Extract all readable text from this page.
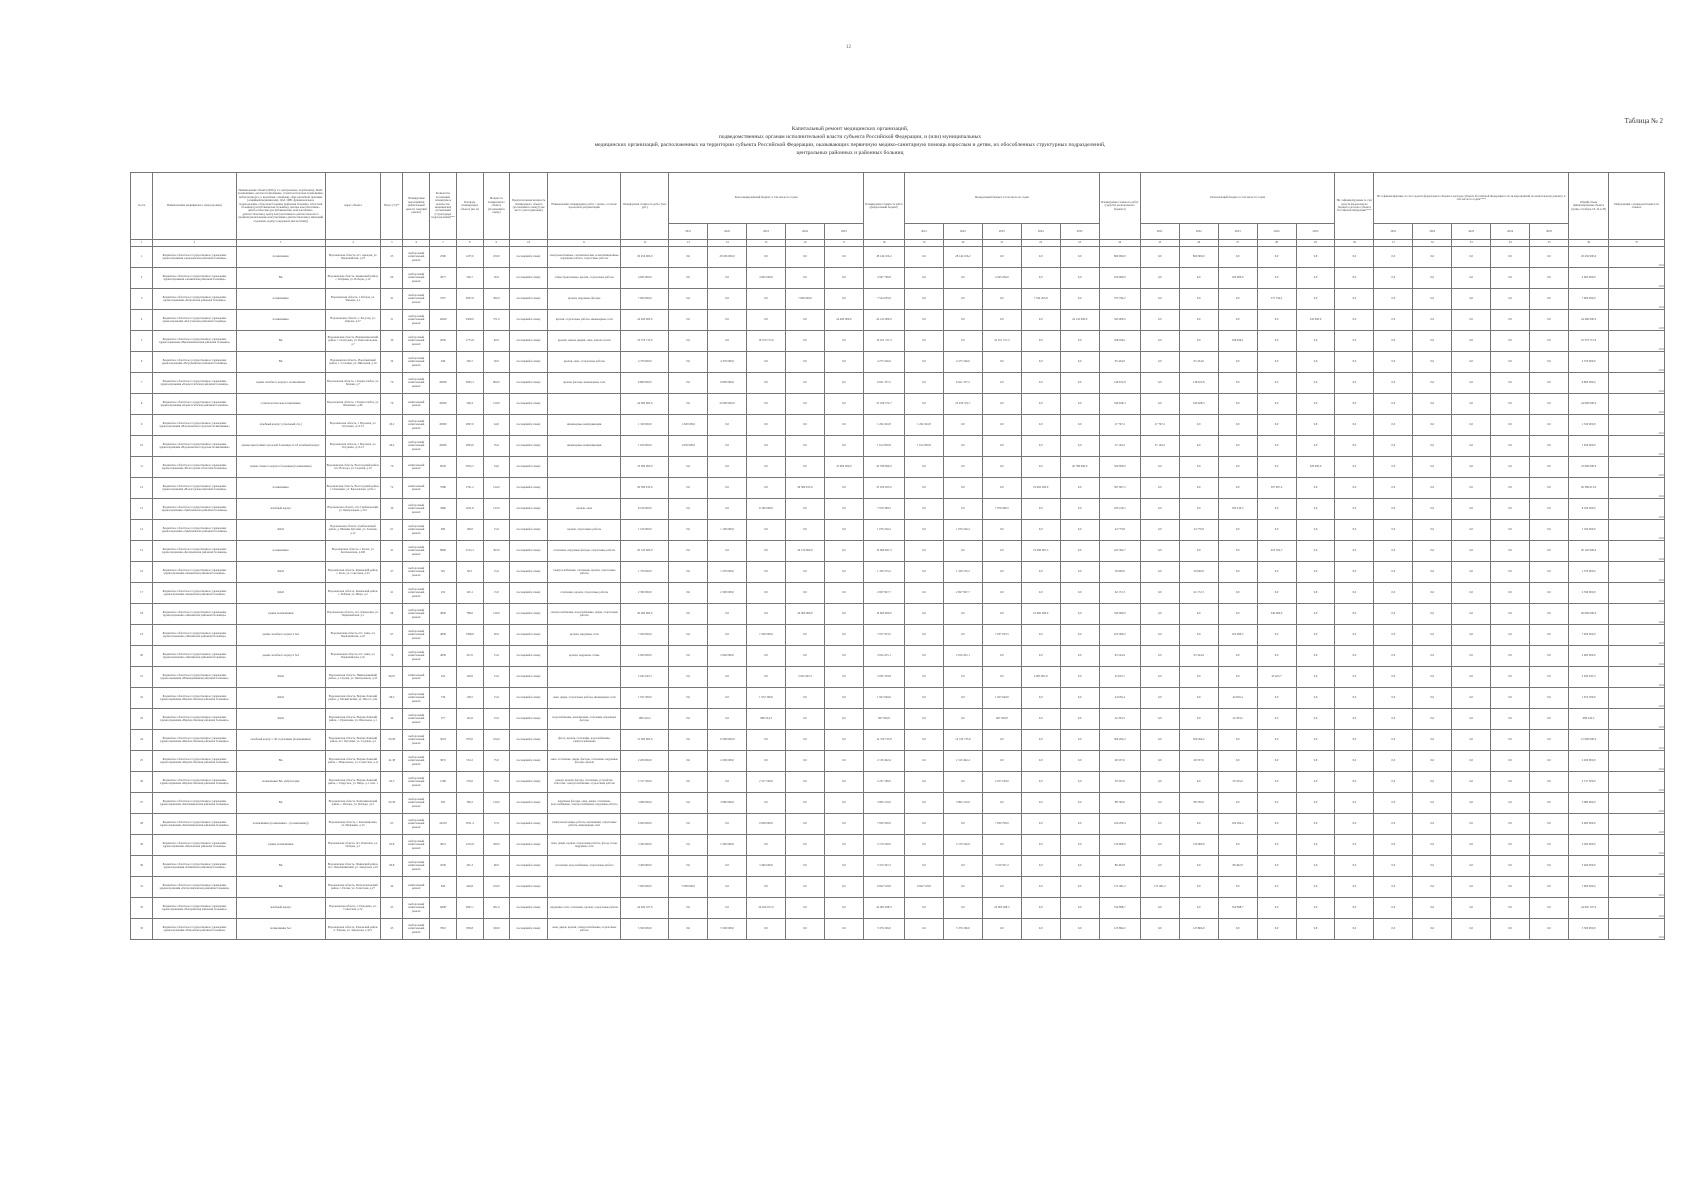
12
Таблица № 2
Капитальный ремонт медицинских организаций,
подведомственных органам исполнительной власти субъекта Российской Федерации, и (или) муниципальных
медицинских организаций, расположенных на территории субъекта Российской Федерации, оказывающих первичную медико-санитарную помощь взрослым и детям, их обособленных структурных подразделений,
центральных районных и районных больниц
№ п/п	Наименование медицинского лица (юрлица)	Наименование объекта (ФП (в т.ч. центральные, подобъекты), ФАП, поликлиника, детская поликлиника, стоматологическая поликлиника, амбулатория (в т.ч. врачебная, семейная), офис врачебной практики (семейный/медицинская), ЦАЗ, ЦРБ, функциональное подразделение, областная больница (районная больница, областная больница (республиканская больница), центры консультативно-диагностические (республиканские, консультативно-диагностические), центр консультативного-диагностического профиля (включающие консультативно-диагностические), имеющий отделение, корпус (окружной диагностики))	Адрес объекта	Износ (%)**	Планируемые мероприятия (капитальный ремонт, текущий ремонт)	Количество посещений, планируемое количество медицинских организаций (структурных подразделений)***	Площадь планируемых объекта (кв. м)	Мощность планируемого объекта (посещений в смену)	Предполагаемая мощность планируемого объекта (посещений в смену) (чьё место для подписание)	Наименование планируемых работ с целью, согласно проектной документации	Планируемая стоимость работ (тыс. руб.)	Консолидированный бюджет, в том числе по годам					Планируемая стоимость работ (федеральный бюджет)	Федеральный бюджет, в том числе по годам					Планируемая стоимость работ (средства регионального бюджета)	Региональный бюджет, в том числе по годам					Не софинансируемые за счет средств федерального бюджета расходы субъекта Российской Федерации****	Не софинансируемые за счет средств федерального бюджета расходы субъекта Российской Федерации в части мероприятий по капитальному ремонту, в том числе по годам****					Общий объем финансирования объекта (сумма столбцов 18, 24 и 30)	Информация о подведомственности объекта
												2021	2022	2023	2024	2025		2021	2022	2023	2024	2025		2021	2022	2023	2024	2025		2021	2022	2023	2024	2025		
1	2	3	4	5	6	7	8	9	10	11	12	13	14	15	16	17	18	19	20	21	22	23	24	25	26	27	28	29	30	31	32	33	34	35	36	37
1	Бюджетное областное государственное учреждение здравоохранения «Аркадакская районная больница»	поликлиника	Воронежская область, пгт. Аркадак, ул. Первомайская, д.25	25	выборочный капитальный ремонт	2500	1237,6	250,0	посещений в смену	электромонтажные, сантехнические, и вентиляционные, наружные работы, отделочные работы	29 456 000,0	0,0	28 456 000,0	0,0	0,0	0,0	28 144 106,2	0,0	28 144 106,2	0,0	0,0	0,0	860 000,0	0,0	860 000,0	0,0	0,0	0,0	0,0	0,0	0,0	0,0	0,0	0,0	29 456 000,0	2022

2	Бюджетное областное государственное учреждение здравоохранения «Аннинская районная больница»	ВА	Воронежская область, Аннинский район, с. Бобряки, ул. Победы, д.12	60	выборочный капитальный ремонт	3077	526,7	30,0	посещений в смену	общестроительные, кровля, отделочные работы	4 665 000,0	0,0	0,0	4 665 000,0	0,0	0,0	4 567 796,8	0,0	0,0	4 565 290,0	0,0	0,0	100 000,0	0,0	0,0	100 000,0	0,0	0,0	0,0	0,0	0,0	0,0	0,0	0,0	4 665 000,0	2023

3	Бюджетное областное государственное учреждение здравоохранения «Бобровская районная больница»	поликлиника	Воронежская область, г. Бобров, ул. Чапаева, д.1	41	выборочный капитальный ремонт	5357	3947,8	302,0	посещений в смену	кровля, наружные фасады	7 900 000,0	0,0	0,0	0,0	7 900 000,0	0,0	7 524 205,8	0,0	0,0	0,0	7 524 205,8	0,0	375 794,2	0,0	0,0	0,0	375 794,2	0,0	0,0	0,0	0,0	0,0	0,0	0,0	7 900 000,0	2024

4	Бюджетное областное государственное учреждение здравоохранения «Богучарская районная больница»	поликлиника	Воронежская область, г. Богучар, ул. Кирова, д.27	31	выборочный капитальный ремонт	14620	2309,0	371,0	посещений в смену	кровля, отделочные работы, инженерные сети	24 490 000,0	0,0	0,0	0,0	0,0	24 490 000,0	24 145 000,0	0,0	0,0	0,0	0,0	24 145 000,0	345 000,0	0,0	0,0	0,0	0,0	345 000,0	0,0	0,0	0,0	0,0	0,0	0,0	24 490 000,0	2025

5	Бюджетное областное государственное учреждение здравоохранения «Верхнемамонская районная больница»	ВА	Воронежская область, Верхнемамонский район, с. Осетровка, ул. Комсомольская, д.7	30	выборочный капитальный ремонт	2030	1775,8	62,0	посещений в смену	кровля, замена дверей, окна, ремонт полов	16 579 715,0	0,0	0,0	16 579 715,0	0,0	0,0	16 251 727,3	0,0	0,0	16 251 727,3	0,0	0,0	328 926,1	0,0	0,0	328 926,1	0,0	0,0	0,0	0,0	0,0	0,0	0,0	0,0	16 579 715,0	2023

6	Бюджетное областное государственное учреждение здравоохранения «Воробьёвская районная больница»	ВА	Воронежская область, Воробьёвский район, с. Солонцы, ул. Школьная, д.10	34	выборочный капитальный ремонт	946	326,7	30,0	посещений в смену	кровля, окна, отделочные работы	4 370 000,0	0,0	4 370 000,0	0,0	0,0	0,0	4 275 546,0	0,0	4 275 546,0	0,0	0,0	0,0	95 454,0	0,0	95 454,0	0,0	0,0	0,0	0,0	0,0	0,0	0,0	0,0	0,0	4 370 000,0	2022

7	Бюджетное областное государственное учреждение здравоохранения «Борисоглебская районная больница»	здание лечебного корпуса, поликлиника	Воронежская область, г. Борисоглебск, ул. Бланки, д.7	70	выборочный капитальный ремонт	20000	3065,3	600,0	посещений в смену	кровля, фасады, инженерные сети	6 800 000,0	0,0	6 800 000,0	0,0	0,0	0,0	6 621 357,2	0,0	6 621 357,2	0,0	0,0	0,0	148 672,8	0,0	148 672,8	0,0	0,0	0,0	0,0	0,0	0,0	0,0	0,0	0,0	6 800 000,0	2022

8	Бюджетное областное государственное учреждение здравоохранения «Борисоглебская районная больница»	стоматологическая поликлиника	Воронежская область, г. Борисоглебск, ул. Шевченко, д.46	70	капитальный ремонт	20000	590,4	120,0	посещений в смену		24 000 000,0	0,0	24 000 000,0	0,0	0,0	0,0	23 459 372,7	0,0	23 459 372,7	0,0	0,0	0,0	540 628,3	0,0	540 628,3	0,0	0,0	0,0	0,0	0,0	0,0	0,0	0,0	0,0	24 000 000,0	2022

9	Бюджетное областное государственное учреждение здравоохранения «Воронежская городская поликлиника»	лечебный корпус (отдельный стр.)	Воронежская область, г. Воронеж, ул. Остужева, д.12-15	29,2	выборочный капитальный ремонт	20000	2097,0	44,0	посещений в смену	инженерные коммуникации	1 320 000,0	1 320 000,0	0,0	0,0	0,0	0,0	1 292 202,8	1 292 202,8	0,0	0,0	0,0	0,0	27 797,2	27 797,2	0,0	0,0	0,0	0,0	0,0	0,0	0,0	0,0	0,0	0,0	1 320 000,0	2021

10	Бюджетное областное государственное учреждение здравоохранения «Воронежская городская поликлиника»	здание пристройки городской больницы № 18 лечебный корпус	Воронежская область, г. Воронеж, ул. Остужева, д.13-15	29,2	выборочный капитальный ремонт	20000	2993,6	35,0	посещений в смену	инженерные коммуникации	1 650 000,0	1 650 000,0	0,0	0,0	0,0	0,0	1 612 850,8	1 612 850,8	0,0	0,0	0,0	0,0	37 149,2	37 149,2	0,0	0,0	0,0	0,0	0,0	0,0	0,0	0,0	0,0	0,0	1 650 000,0	2021

11	Бюджетное областное государственное учреждение здравоохранения «Вологодская областная больница»	здание главного корпуса больницы (поликлиника)	Воронежская область, Вологодский район, пгт. Вологда, ул. Садовая, д.10	70	капитальный ремонт	8256	5052,5	54,0	посещений в смену		23 000 000,0	0,0	0,0	0,0	0,0	23 000 000,0	20 786 000,0	0,0	0,0	0,0	0,0	20 786 000,0	320 000,0	0,0	0,0	0,0	0,0	320 000,0	0,0	0,0	0,0	0,0	0,0	0,0	23 000 000,0	2025

12	Бюджетное областное государственное учреждение здравоохранения «Вологодская районная больница»	поликлиника	Воронежская область, Вологодский район, г. Ольшанка, ул. Березовская, д.19а-1	72	капитальный ремонт	5580	1761,2	124,0	посещений в смену		26 389 613,0	0,0	0,0	0,0	26 389 613,0	0,0	25 950 203,9	0,0	0,0	0,0	25 962 283,0	0,0	397 907,2	0,0	0,0	0,0	397 907,2	0,0	0,0	0,0	0,0	0,0	0,0	0,0	26 389 613,0	2024

13	Бюджетное областное государственное учреждение здравоохранения «Грибановская районная больница»	лечебный корпус	Воронежская область, пгт. Грибановский, ул. Центральная, д.101	30	выборочный капитальный ремонт	5960	1181,8	125,0	посещений в смену	кровля, окна	8 160 000,0	0,0	0,0	8 160 000,0	0,0	0,0	7 976 589,5	0,0	0,0	7 976 589,5	0,0	0,0	183 410,5	0,0	0,0	183 410,5	0,0	0,0	0,0	0,0	0,0	0,0	0,0	0,0	8 160 000,0	2023

14	Бюджетное областное государственное учреждение здравоохранения «Грибановская районная больница»	ФАП	Воронежская область, Грибановский район, д. Нижние Кугалки, ул. Зеленая, д.12	61	выборочный капитальный ремонт	600	109,6	15,0	посещений в смену	кровля, отделочные работы	1 100 000,0	0,0	1 100 000,0	0,0	0,0	0,0	1 076 220,2	0,0	1 076 220,2	0,0	0,0	0,0	24 779,8	0,0	24 779,8	0,0	0,0	0,0	0,0	0,0	0,0	0,0	0,0	0,0	1 100 000,0	2022

15	Бюджетное областное государственное учреждение здравоохранения «Калачеевская районная больница»	поликлиника	Воронежская область, г. Калач, ул. Калачеевская, д.206	41	выборочный капитальный ремонт	8066	2315,3	303,0	посещений в смену	отопление, наружные фасады, отделочные работы	20 120 000,0	0,0	0,0	0,0	20 120 000,0	0,0	19 696 697,3	0,0	0,0	0,0	19 696 697,3	0,0	423 302,7	0,0	0,0	0,0	423 302,7	0,0	0,0	0,0	0,0	0,0	0,0	0,0	20 120 000,0	2024

16	Бюджетное областное государственное учреждение здравоохранения «Каменская районная больница»	ФАП	Воронежская область, Каменский район, с. Коль, ул. Советская, д.33	47	выборочный капитальный ремонт	301	60,3	15,0	посещений в смену	электроснабжение, отопление, кровля, отделочные работы	1 370 000,0	0,0	1 370 000,0	0,0	0,0	0,0	1 339 135,2	0,0	1 339 135,2	0,0	0,0	0,0	30 600,0	0,0	30 600,0	0,0	0,0	0,0	0,0	0,0	0,0	0,0	0,0	0,0	1 370 000,0	2022

17	Бюджетное областное государственное учреждение здравоохранения «Каменская районная больница»	ФАП	Воронежская область, Каменский район, с. Рыбная, ул. Мира, д.2	41	выборочный капитальный ремонт	232	145,1	15,0	посещений в смену	отопление, кровля, отделочные работы	2 390 000,0	0,0	2 390 000,0	0,0	0,0	0,0	2 697 827,7	0,0	2 697 827,7	0,0	0,0	0,0	62 172,3	0,0	62 172,3	0,0	0,0	0,0	0,0	0,0	0,0	0,0	0,0	0,0	2 390 000,0	2022

18	Бюджетное областное государственное учреждение здравоохранения «Лискинская районная больница»	здание поликлиники	Воронежская область, пгт. Давыдовка, ул. Первомайская, д.1	64	выборочный капитальный ремонт	4830	788,0	120,0	посещений в смену	электроснабжение, водоснабжение, двери, отделочные работы	20 000 000,0	0,0	0,0	0,0	20 000 000,0	0,0	19 660 000,0	0,0	0,0	0,0	19 660 000,0	0,0	340 000,0	0,0	0,0	0,0	340 000,0	0,0	0,0	0,0	0,0	0,0	0,0	0,0	20 000 000,0	2024

19	Бюджетное областное государственное учреждение здравоохранения «Лискинская районная больница»	здание лечебного корпуса №2	Воронежская область, пгт. Анна, ул. Первомайская, д.10	67	выборочный капитальный ремонт	4830	1598,8	20,0	посещений в смену	кровля, наружные сети	7 200 000,0	0,0	0,0	7 200 000,0	0,0	0,0	7 037 933,5	0,0	0,0	7 037 933,5	0,0	0,0	162 066,5	0,0	0,0	162 066,5	0,0	0,0	0,0	0,0	0,0	0,0	0,0	0,0	7 200 000,0	2023

20	Бюджетное областное государственное учреждение здравоохранения «Лискинская районная больница»	здание лечебного корпуса №3	Воронежская область, пгт. Анна, ул. Первомайская, д.3а	70	выборочный капитальный ремонт	4830	247,0	15,0	посещений в смену	кровля, наружные стены	2 900 000,0	0,0	2 900 000,0	0,0	0,0	0,0	2 816 455,1	0,0	2 816 455,1	0,0	0,0	0,0	63 544,9	0,0	63 544,9	0,0	0,0	0,0	0,0	0,0	0,0	0,0	0,0	0,0	2 900 000,0	2022

21	Бюджетное областное государственное учреждение здравоохранения «Нижнедевицкая районная больница»	ФАП	Воронежская область, Нижнедевицкий район, д. Скупая, ул. Центральная, д.35	66,97	капитальный ремонт	224	109,6	15,0	посещений в смену		2 045 945,3	0,0	0,0	0,0	2 045 945,3	0,0	2 065 359,8	0,0	0,0	0,0	2 005 061,8	0,0	45 625,7	0,0	0,0	0,0	45 625,7	0,0	0,0	0,0	0,0	0,0	0,0	0,0	2 045 945,3	2024

22	Бюджетное областное государственное учреждение здравоохранения «Верхне-Хавская районная больница»	ФАП	Воронежская область, Верхне-Хавский район, д. Малый Кобяк, ул. Шоссе, д.9а	96,5	выборочный капитальный ремонт	736	138,5	15,0	посещений в смену	окна, двери, отделочные работы, инженерные сети	1 972 300,0	0,0	0,0	1 972 300,0	0,0	0,0	1 927 649,6	0,0	0,0	1 927 649,6	0,0	0,0	44 650,4	0,0	0,0	44 650,4	0,0	0,0	0,0	0,0	0,0	0,0	0,0	0,0	1 972 300,0	2023

23	Бюджетное областное государственное учреждение здравоохранения «Верхне-Хавская районная больница»	ФАП	Воронежская область, Верхне-Хавский район, с. Правление, ул. Школьная, д.1	44	выборочный капитальный ремонт	377	145,6	15,0	посещений в смену	водоснабжение, канализация, отопление, наружные фасады	989 224,3	0,0	0,0	989 224,3	0,0	0,0	967 020,8	0,0	0,0	967 020,8	0,0	0,0	22 203,5	0,0	0,0	22 203,5	0,0	0,0	0,0	0,0	0,0	0,0	0,0	0,0	989 224,3	2023

24	Бюджетное областное государственное учреждение здравоохранения «Верхне-Хавская районная больница»	лечебный корпус с 40 отделением (поликлиника)	Воронежская область, Верхне-Хавский район, пгт. Пугачёва, ул. Садовая, д.2	63,28	выборочный капитальный ремонт	5023	870,0	104,0	посещений в смену	фасад, кровля, отопление, водоснабжение, электроснабжение	15 000 000,0	0,0	15 000 000,0	0,0	0,0	0,0	14 720 735,8	0,0	14 720 735,8	0,0	0,0	0,0	309 264,2	0,0	309 264,2	0,0	0,0	0,0	0,0	0,0	0,0	0,0	0,0	0,0	15 000 000,0	2022

25	Бюджетное областное государственное учреждение здравоохранения «Верхне-Хавская районная больница»	ВА	Воронежская область, Верхне-Хавский район, с. Никольское, ул. Советская, д.1а	41,38	выборочный капитальный ремонт	3072	532,2	75,0	посещений в смену	окна, отопление, двери, фасады, отопление, наружные фасады, кровля	2 200 000,0	0,0	2 200 000,0	0,0	0,0	0,0	2 150 462,4	0,0	2 150 462,4	0,0	0,0	0,0	49 537,6	0,0	49 537,6	0,0	0,0	0,0	0,0	0,0	0,0	0,0	0,0	0,0	2 200 000,0	2022

26	Бюджетное областное государственное учреждение здравоохранения «Верхне-Хавская районная больница»	поликлиника ВА, амбулатория	Воронежская область, Верхне-Хавский район, с. Парусное, ул. Мира, д.1, пом. 1	62,3	выборочный капитальный ремонт	1200	576,0	70,0	посещений в смену	ремонт кровли, фасада, отопление, устройство отмостки, электроснабжение, отделочные работы	2 317 500,0	0,0	0,0	2 317 500,0	0,0	0,0	2 257 180,0	0,0	0,0	2 257 180,0	0,0	0,0	50 325,0	0,0	0,0	50 325,0	0,0	0,0	0,0	0,0	0,0	0,0	0,0	0,0	2 317 500,0	2023

27	Бюджетное областное государственное учреждение здравоохранения «Кантемировская районная больница»	ВА	Воронежская область, Кантемировский район, с. Писарь, ул. Победы, д.15	63,58	выборочный капитальный ремонт	945	369,2	120,0	посещений в смену	наружные фасады, окна, двери, отопление, водоснабжение, электроснабжение, наружные работы	3 980 000,0	0,0	3 980 000,0	0,0	0,0	0,0	3 895 210,0	0,0	3 895 210,0	0,0	0,0	0,0	88 790,0	0,0	88 790,0	0,0	0,0	0,0	0,0	0,0	0,0	0,0	0,0	0,0	3 980 000,0	2022

28	Бюджетное областное государственное учреждение здравоохранения «Кантемировская районная больница»	поликлиника (поликлиника – (поликлиника))	Воронежская область, г. Кантемировка, ул. Шевченко, д.13	65	выборочный капитальный ремонт	24230	3031,4	57,0	посещений в смену	электромонтажные работы, вентиляция, отделочные работы, инженерные сети	9 000 000,0	0,0	0,0	9 000 000,0	0,0	0,0	7 830 590,0	0,0	0,0	7 830 790,0	0,0	0,0	169 209,4	0,0	0,0	169 209,4	0,0	0,0	0,0	0,0	0,0	0,0	0,0	0,0	9 000 000,0	2023

29	Бюджетное областное государственное учреждение здравоохранения «Павловская районная больница»	здание поликлиники	Воронежская область, пгт. Павловск, ул. Победы, д.1	65,8	выборочный капитальный ремонт	4931	1252,8	260,0	посещений в смену	окна, двери, кровля, отделочные работы, фасад, полы, наружные сети	5 300 000,0	0,0	5 300 000,0	0,0	0,0	0,0	5 179 100,0	0,0	5 179 100,0	0,0	0,0	0,0	120 900,0	0,0	120 900,0	0,0	0,0	0,0	0,0	0,0	0,0	0,0	0,0	0,0	5 300 000,0	2022

30	Бюджетное областное государственное учреждение здравоохранения «Панинская районная больница»	ВА	Воронежская область, Панинский район, пос. Перелёшинский, ул. Заводская, д.10	60,8	выборочный капитальный ремонт	2030	401,3	60,0	посещений в смену	отопление, водоснабжение, отделочные работы	3 400 000,0	0,0	0,0	3 400 000,0	0,0	0,0	3 310 597,2	0,0	0,0	3 310 597,2	0,0	0,0	89 402,8	0,0	0,0	89 402,8	0,0	0,0	0,0	0,0	0,0	0,0	0,0	0,0	3 400 000,0	2023

31	Бюджетное областное государственное учреждение здравоохранения «Петропавловская районная больница»	ВА	Воронежская область, Петропавловский район, с. Пески, ул. Советская, д.27	44	капитальный ремонт	649	449,8	100,0	посещений в смену		7 000 000,0	7 000 000,0	0,0	0,0	0,0	0,0	6 842 518,8	6 842 518,8	0,0	0,0	0,0	0,0	157 481,2	157 481,2	0,0	0,0	0,0	0,0	0,0	0,0	0,0	0,0	0,0	0,0	7 000 000,0	2021

32	Бюджетное областное государственное учреждение здравоохранения «Поворинская районная больница»	лечебный корпус	Воронежская область, г. Поворино, ул. Советская, д.72	45	выборочный капитальный ремонт	14687	2067,1	201,0	посещений в смену	наружные сети, отопление, кровля, отделочные работы	24 620 107,0	0,0	0,0	24 620 107,0	0,0	0,0	24 065 208,3	0,0	0,0	24 065 208,3	0,0	0,0	554 898,7	0,0	0,0	554 898,7	0,0	0,0	0,0	0,0	0,0	0,0	0,0	0,0	24 620 107,0	2023

33	Бюджетное областное государственное учреждение здравоохранения «Рамонская районная больница»	поликлиника №1	Воронежская область, Рамонский район, п. Рамонь, ул. Заводская, д.32/1	45	выборочный капитальный ремонт	7810	830,8	320,0	посещений в смену	окна, двери, кровля, электроснабжение, отделочные работы	5 500 000,0	0,0	5 500 000,0	0,0	0,0	0,0	5 376 196,0	0,0	5 376 196,0	0,0	0,0	0,0	123 804,0	0,0	123 804,0	0,0	0,0	0,0	0,0	0,0	0,0	0,0	0,0	0,0	5 500 000,0	2022
